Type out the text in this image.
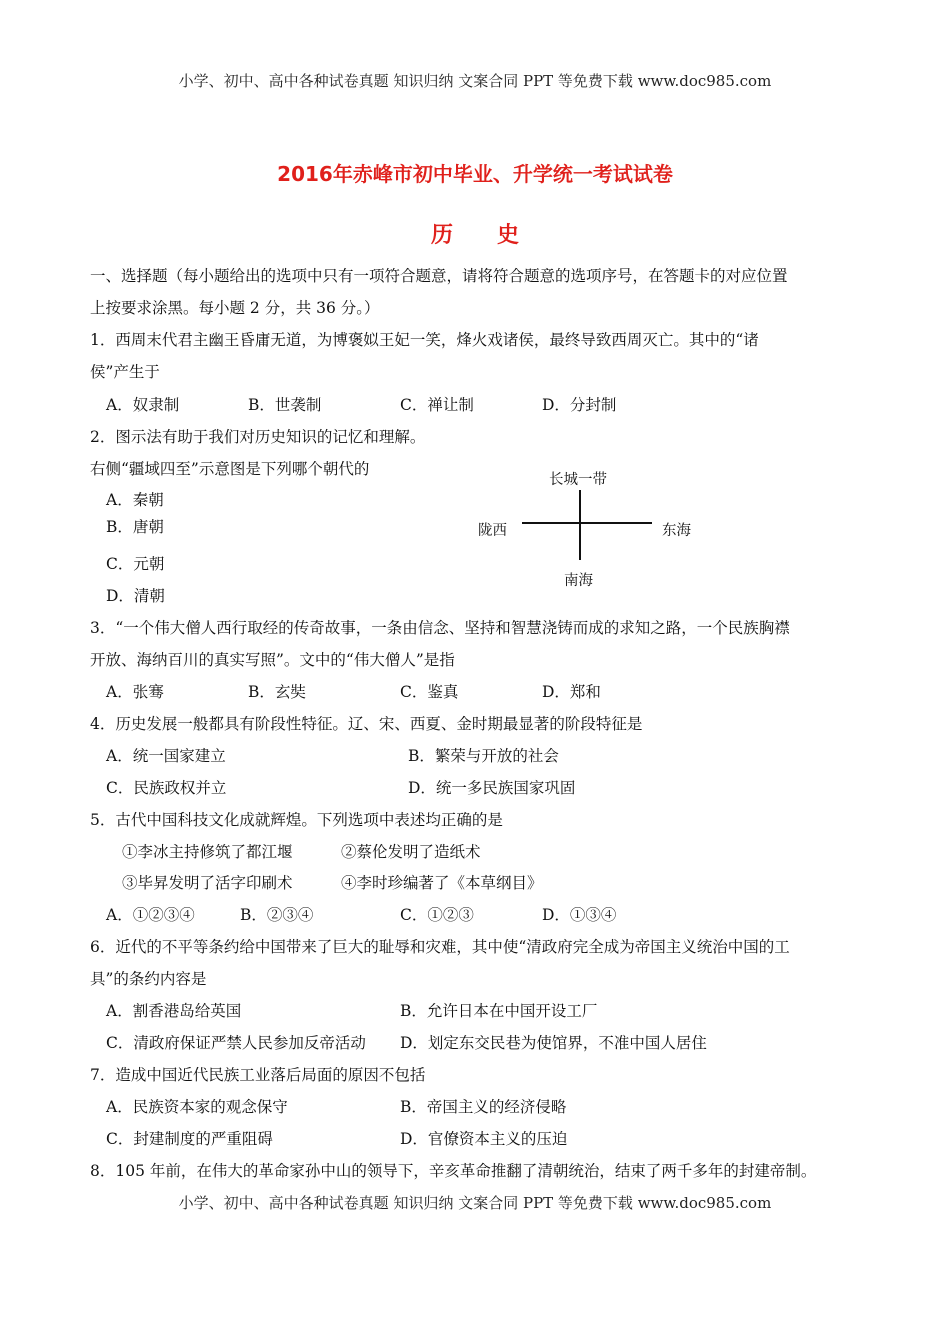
小学、初中、高中各种试卷真题 知识归纳 文案合同 PPT 等免费下载 www.doc985.com
2016年赤峰市初中毕业、升学统一考试试卷
历 史
一、选择题（每小题给出的选项中只有一项符合题意，请将符合题意的选项序号，在答题卡的对应位置
上按要求涂黑。每小题 2 分，共 36 分。）
1．西周末代君主幽王昏庸无道，为博褒姒王妃一笑，烽火戏诸侯，最终导致西周灭亡。其中的“诸
侯”产生于
A．奴隶制	B．世袭制	C．禅让制	D．分封制
2．图示法有助于我们对历史知识的记忆和理解。
右侧“疆域四至”示意图是下列哪个朝代的
A．秦朝
B．唐朝
C．元朝
D．清朝
长城一带
陇西	东海
南海
3．“一个伟大僧人西行取经的传奇故事，一条由信念、坚持和智慧浇铸而成的求知之路，一个民族胸襟
开放、海纳百川的真实写照”。文中的“伟大僧人”是指
A．张骞	B．玄奘	C．鉴真	D．郑和
4．历史发展一般都具有阶段性特征。辽、宋、西夏、金时期最显著的阶段特征是
A．统一国家建立	B．繁荣与开放的社会
C．民族政权并立	D．统一多民族国家巩固
5．古代中国科技文化成就辉煌。下列选项中表述均正确的是
①李冰主持修筑了都江堰	②蔡伦发明了造纸术
③毕昇发明了活字印刷术	④李时珍编著了《本草纲目》
A．①②③④	B．②③④	C．①②③	D．①③④
6．近代的不平等条约给中国带来了巨大的耻辱和灾难，其中使“清政府完全成为帝国主义统治中国的工
具”的条约内容是
A．割香港岛给英国	B．允许日本在中国开设工厂
C．清政府保证严禁人民参加反帝活动 D．划定东交民巷为使馆界，不准中国人居住
7．造成中国近代民族工业落后局面的原因不包括
A．民族资本家的观念保守	B．帝国主义的经济侵略
C．封建制度的严重阻碍	D．官僚资本主义的压迫
8．105 年前，在伟大的革命家孙中山的领导下，辛亥革命推翻了清朝统治，结束了两千多年的封建帝制。
小学、初中、高中各种试卷真题 知识归纳 文案合同 PPT 等免费下载 www.doc985.com
